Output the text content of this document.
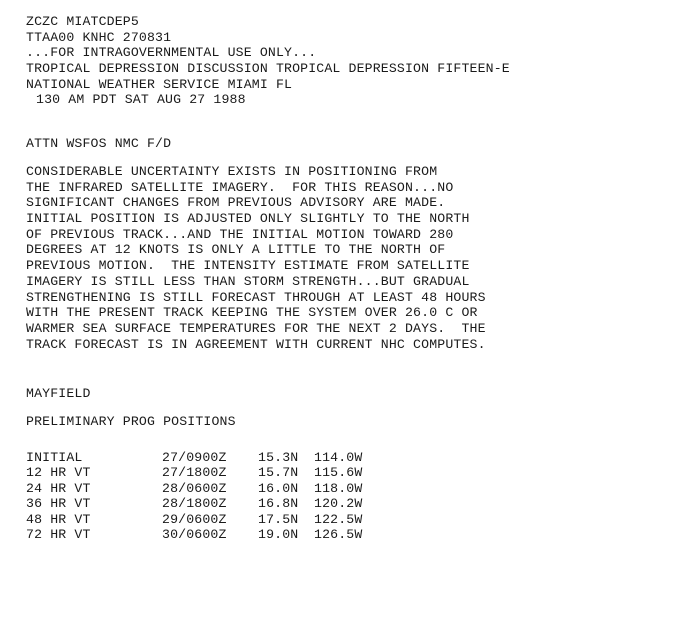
ZCZC MIATCDEP5
TTAA00 KNHC 270831
...FOR INTRAGOVERNMENTAL USE ONLY...
TROPICAL DEPRESSION DISCUSSION TROPICAL DEPRESSION FIFTEEN-E
NATIONAL WEATHER SERVICE MIAMI FL
130 AM PDT SAT AUG 27 1988
ATTN WSFOS NMC F/D
CONSIDERABLE UNCERTAINTY EXISTS IN POSITIONING FROM
THE INFRARED SATELLITE IMAGERY.  FOR THIS REASON...NO
SIGNIFICANT CHANGES FROM PREVIOUS ADVISORY ARE MADE.
INITIAL POSITION IS ADJUSTED ONLY SLIGHTLY TO THE NORTH
OF PREVIOUS TRACK...AND THE INITIAL MOTION TOWARD 280
DEGREES AT 12 KNOTS IS ONLY A LITTLE TO THE NORTH OF
PREVIOUS MOTION.  THE INTENSITY ESTIMATE FROM SATELLITE
IMAGERY IS STILL LESS THAN STORM STRENGTH...BUT GRADUAL
STRENGTHENING IS STILL FORECAST THROUGH AT LEAST 48 HOURS
WITH THE PRESENT TRACK KEEPING THE SYSTEM OVER 26.0 C OR
WARMER SEA SURFACE TEMPERATURES FOR THE NEXT 2 DAYS.  THE
TRACK FORECAST IS IN AGREEMENT WITH CURRENT NHC COMPUTES.
MAYFIELD
PRELIMINARY PROG POSITIONS
INITIAL	27/0900Z	15.3N	114.0W
12 HR VT	27/1800Z	15.7N	115.6W
24 HR VT	28/0600Z	16.0N	118.0W
36 HR VT	28/1800Z	16.8N	120.2W
48 HR VT	29/0600Z	17.5N	122.5W
72 HR VT	30/0600Z	19.0N	126.5W
